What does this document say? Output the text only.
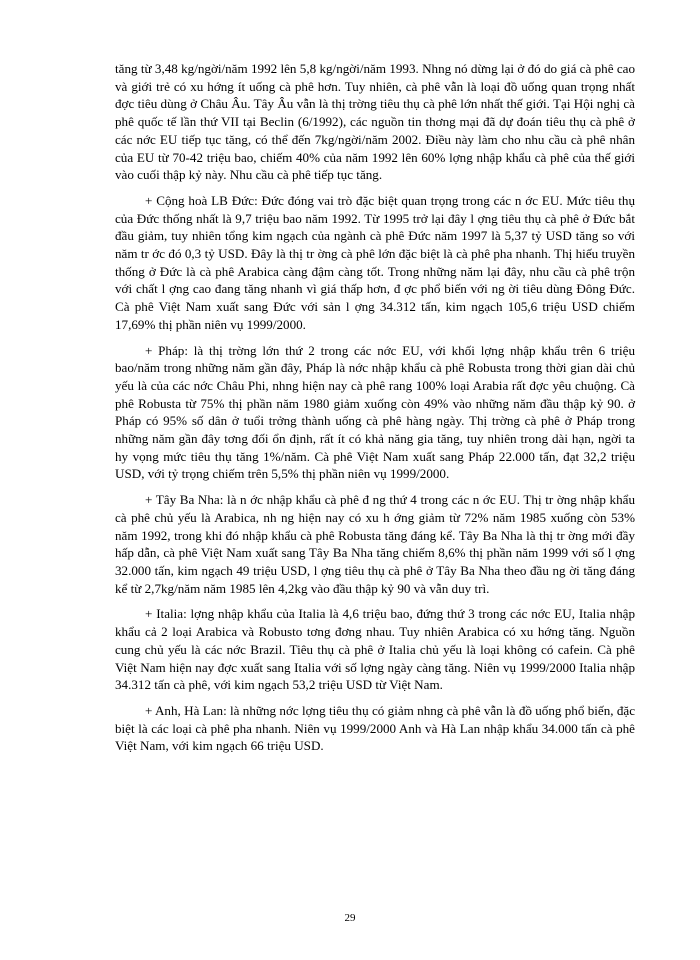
tăng từ 3,48 kg/ngời/năm 1992 lên 5,8 kg/ngời/năm 1993. Nhng nó dừng lại ở đó do giá cà phê cao và giới trẻ có xu hớng ít uống cà phê hơn. Tuy nhiên, cà phê vẫn là loại đồ uống quan trọng nhất đợc tiêu dùng ở Châu Âu. Tây Âu vẫn là thị trờng tiêu thụ cà phê lớn nhất thế giới. Tại Hội nghị cà phê quốc tế lần thứ VII tại Beclin (6/1992), các nguồn tin thơng mại đã dự đoán tiêu thụ cà phê ở các nớc EU tiếp tục tăng, có thể đến 7kg/ngời/năm 2002. Điều này làm cho nhu cầu cà phê nhân của EU từ 70-42 triệu bao, chiếm 40% của năm 1992 lên 60% lợng nhập khẩu cà phê của thế giới vào cuối thập kỷ này. Nhu cầu cà phê tiếp tục tăng.

+ Cộng hoà LB Đức: Đức đóng vai trò đặc biệt quan trọng trong các n ớc EU. Mức tiêu thụ của Đức thống nhất là 9,7 triệu bao năm 1992. Từ 1995 trở lại đây l ợng tiêu thụ cà phê ở Đức bắt đầu giảm, tuy nhiên tổng kim ngạch của ngành cà phê Đức năm 1997 là 5,37 tỷ USD tăng so với năm tr ớc đó 0,3 tỷ USD. Đây là thị tr ờng cà phê lớn đặc biệt là cà phê pha nhanh. Thị hiếu truyền thống ở Đức là cà phê Arabica càng đậm càng tốt. Trong những năm lại đây, nhu cầu cà phê trộn với chất l ợng cao đang tăng nhanh vì giá thấp hơn, đ ợc phổ biến với ng ời tiêu dùng Đông Đức. Cà phê Việt Nam xuất sang Đức với sản l ợng 34.312 tấn, kim ngạch 105,6 triệu USD chiếm 17,69% thị phần niên vụ 1999/2000.

+ Pháp: là thị trờng lớn thứ 2 trong các nớc EU, với khối lợng nhập khẩu trên 6 triệu bao/năm trong những năm gần đây, Pháp là nớc nhập khẩu cà phê Robusta trong thời gian dài chủ yếu là của các nớc Châu Phi, nhng hiện nay cà phê rang 100% loại Arabia rất đợc yêu chuộng. Cà phê Robusta từ 75% thị phần năm 1980 giảm xuống còn 49% vào những năm đầu thập kỷ 90. ở Pháp có 95% số dân ở tuổi trởng thành uống cà phê hàng ngày. Thị trờng cà phê ở Pháp trong những năm gần đây tơng đối ổn định, rất ít có khả năng gia tăng, tuy nhiên trong dài hạn, ngời ta hy vọng mức tiêu thụ tăng 1%/năm. Cà phê Việt Nam xuất sang Pháp 22.000 tấn, đạt 32,2 triệu USD, với tỷ trọng chiếm trên 5,5% thị phần niên vụ 1999/2000.

+ Tây Ba Nha: là n ớc nhập khẩu cà phê đ ng thứ 4 trong các n ớc EU. Thị tr ờng nhập khẩu cà phê chủ yếu là Arabica, nh ng hiện nay có xu h ớng giảm từ 72% năm 1985 xuống còn 53% năm 1992, trong khi đó nhập khẩu cà phê Robusta tăng đáng kể. Tây Ba Nha là thị tr ờng mới đầy hấp dẫn, cà phê Việt Nam xuất sang Tây Ba Nha tăng chiếm 8,6% thị phần năm 1999 với số l ợng 32.000 tấn, kim ngạch 49 triệu USD, l ợng tiêu thụ cà phê ở Tây Ba Nha theo đầu ng ời tăng đáng kể từ 2,7kg/năm năm 1985 lên 4,2kg vào đầu thập kỷ 90 và vẫn duy trì.

+ Italia: lợng nhập khẩu của Italia là 4,6 triệu bao, đứng thứ 3 trong các nớc EU, Italia nhập khẩu cả 2 loại Arabica và Robusto tơng đơng nhau. Tuy nhiên Arabica có xu hớng tăng. Nguồn cung chủ yếu là các nớc Brazil. Tiêu thụ cà phê ở Italia chủ yếu là loại không có cafein. Cà phê Việt Nam hiện nay đợc xuất sang Italia với số lợng ngày càng tăng. Niên vụ 1999/2000 Italia nhập 34.312 tấn cà phê, với kim ngạch 53,2 triệu USD từ Việt Nam.

+ Anh, Hà Lan: là những nớc lợng tiêu thụ có giảm nhng cà phê vẫn là đồ uống phổ biến, đặc biệt là các loại cà phê pha nhanh. Niên vụ 1999/2000 Anh và Hà Lan nhập khẩu 34.000 tấn cà phê Việt Nam, với kim ngạch 66 triệu USD.

29
